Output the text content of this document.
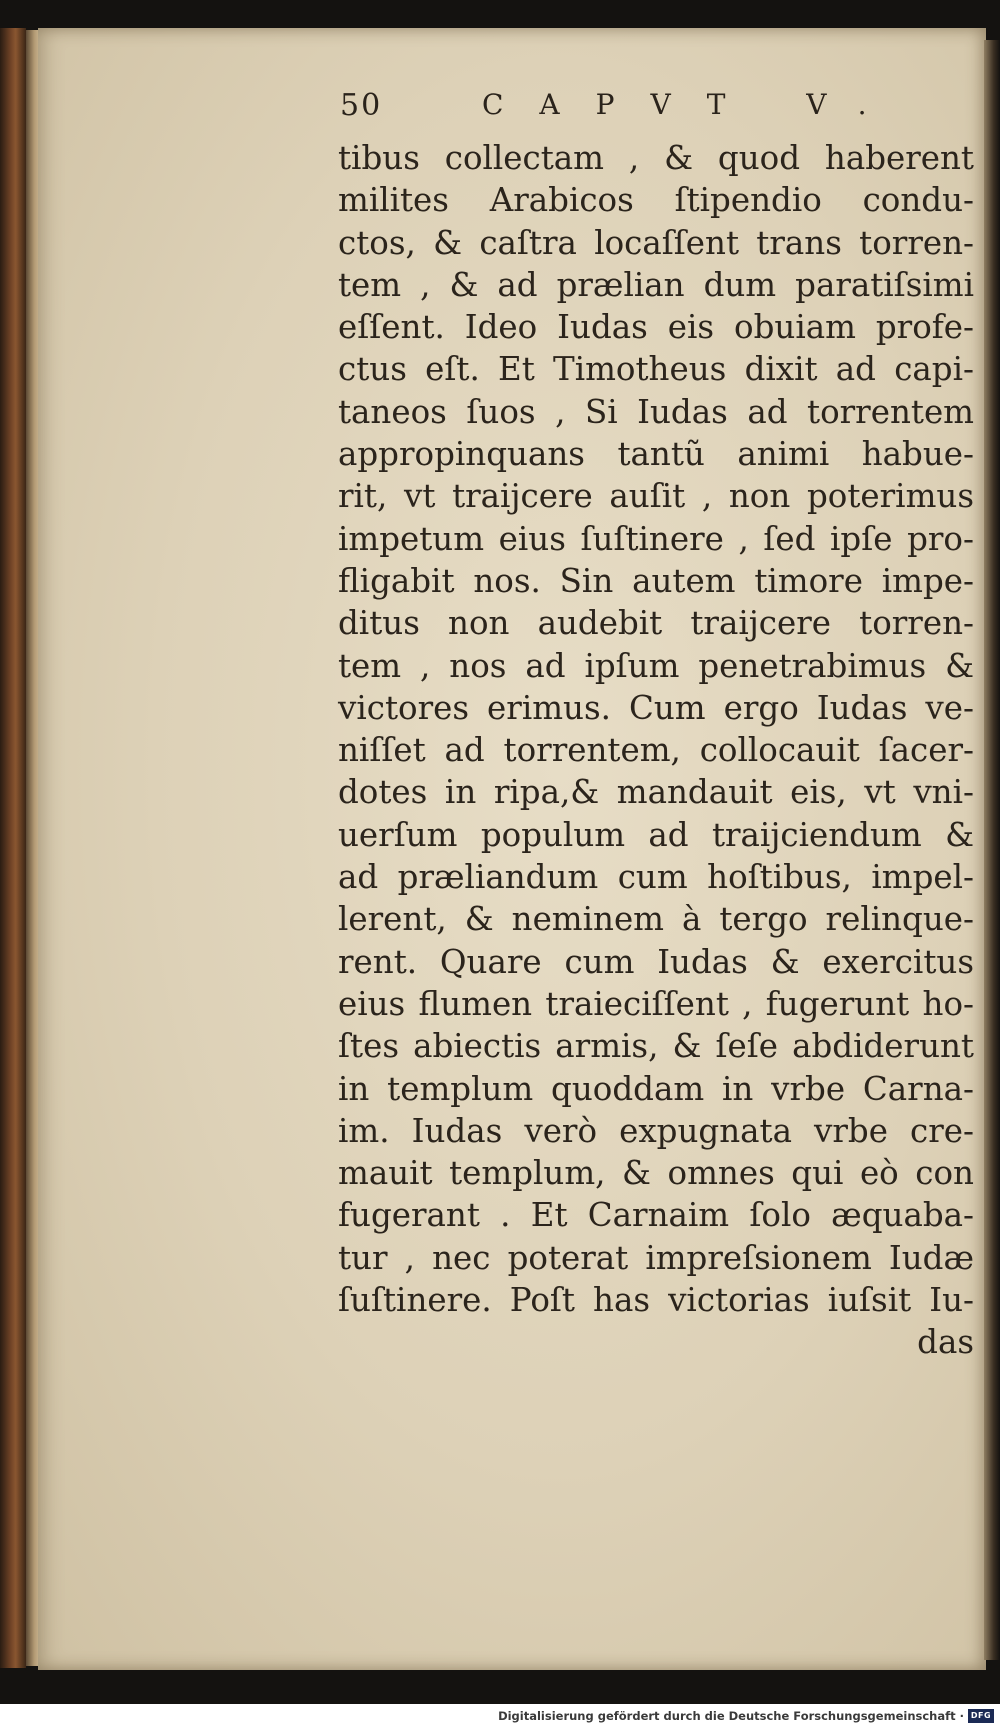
50	CAPVT V.
tibus collectam , & quod haberent
milites Arabicos ſtipendio condu-
ctos, & caſtra locaſſent trans torren-
tem , & ad prælian dum paratiſsimi
eſſent. Ideo Iudas eis obuiam profe-
ctus eſt. Et Timotheus dixit ad capi-
taneos ſuos , Si Iudas ad torrentem
appropinquans tantũ animi habue-
rit, vt traijcere auſit , non poterimus
impetum eius ſuſtinere , ſed ipſe pro-
fligabit nos. Sin autem timore impe-
ditus non audebit traijcere torren-
tem , nos ad ipſum penetrabimus &
victores erimus. Cum ergo Iudas ve-
niſſet ad torrentem, collocauit ſacer-
dotes in ripa,& mandauit eis, vt vni-
uerſum populum ad traijciendum &
ad præliandum cum hoſtibus, impel-
lerent, & neminem à tergo relinque-
rent. Quare cum Iudas & exercitus
eius flumen traieciſſent , fugerunt ho-
ſtes abiectis armis, & ſeſe abdiderunt
in templum quoddam in vrbe Carna-
im. Iudas verò expugnata vrbe cre-
mauit templum, & omnes qui eò con
fugerant . Et Carnaim ſolo æquaba-
tur , nec poterat impreſsionem Iudæ
ſuſtinere. Poſt has victorias iuſsit Iu-
das
Digitalisierung gefördert durch die Deutsche Forschungsgemeinschaft · DFG
